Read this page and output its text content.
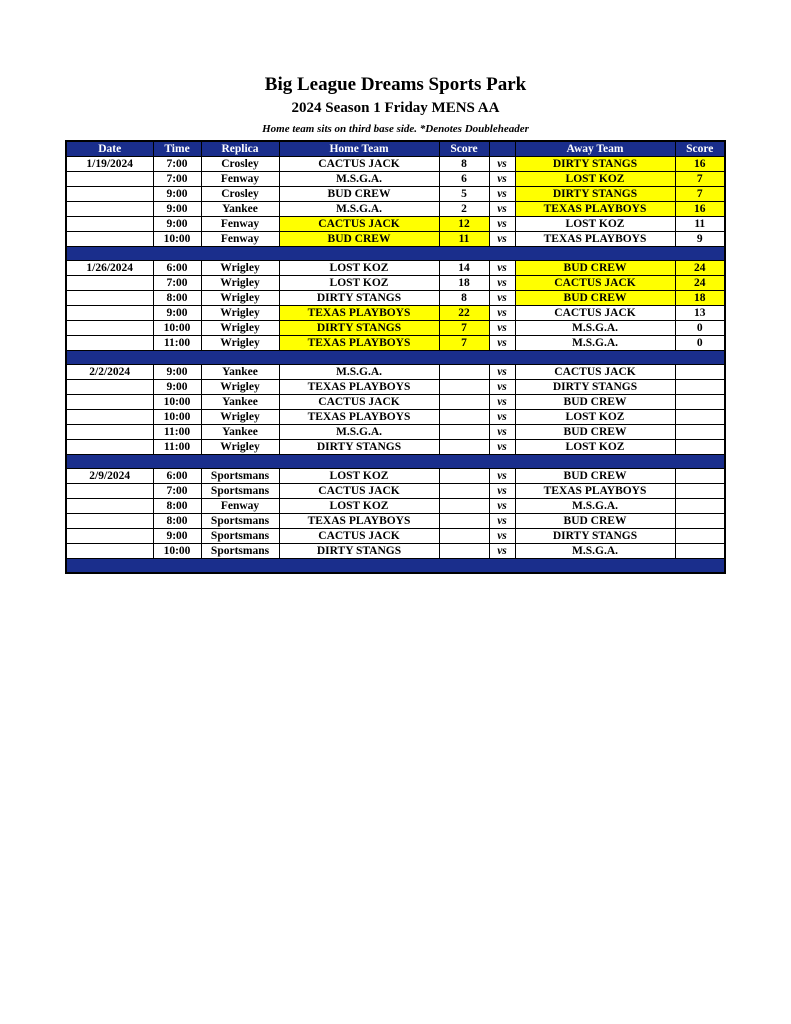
Big League Dreams Sports Park
2024 Season 1 Friday MENS AA
Home team sits on third base side. *Denotes Doubleheader
Date	Time	Replica	Home Team	Score		Away Team	Score
1/19/2024	7:00	Crosley	CACTUS JACK	8	vs	DIRTY STANGS	16
	7:00	Fenway	M.S.G.A.	6	vs	LOST KOZ	7
	9:00	Crosley	BUD CREW	5	vs	DIRTY STANGS	7
	9:00	Yankee	M.S.G.A.	2	vs	TEXAS PLAYBOYS	16
	9:00	Fenway	CACTUS JACK	12	vs	LOST KOZ	11
	10:00	Fenway	BUD CREW	11	vs	TEXAS PLAYBOYS	9

1/26/2024	6:00	Wrigley	LOST KOZ	14	vs	BUD CREW	24
	7:00	Wrigley	LOST KOZ	18	vs	CACTUS JACK	24
	8:00	Wrigley	DIRTY STANGS	8	vs	BUD CREW	18
	9:00	Wrigley	TEXAS PLAYBOYS	22	vs	CACTUS JACK	13
	10:00	Wrigley	DIRTY STANGS	7	vs	M.S.G.A.	0
	11:00	Wrigley	TEXAS PLAYBOYS	7	vs	M.S.G.A.	0

2/2/2024	9:00	Yankee	M.S.G.A.		vs	CACTUS JACK	
	9:00	Wrigley	TEXAS PLAYBOYS		vs	DIRTY STANGS	
	10:00	Yankee	CACTUS JACK		vs	BUD CREW	
	10:00	Wrigley	TEXAS PLAYBOYS		vs	LOST KOZ	
	11:00	Yankee	M.S.G.A.		vs	BUD CREW	
	11:00	Wrigley	DIRTY STANGS		vs	LOST KOZ	

2/9/2024	6:00	Sportsmans	LOST KOZ		vs	BUD CREW	
	7:00	Sportsmans	CACTUS JACK		vs	TEXAS PLAYBOYS	
	8:00	Fenway	LOST KOZ		vs	M.S.G.A.	
	8:00	Sportsmans	TEXAS PLAYBOYS		vs	BUD CREW	
	9:00	Sportsmans	CACTUS JACK		vs	DIRTY STANGS	
	10:00	Sportsmans	DIRTY STANGS		vs	M.S.G.A.	
